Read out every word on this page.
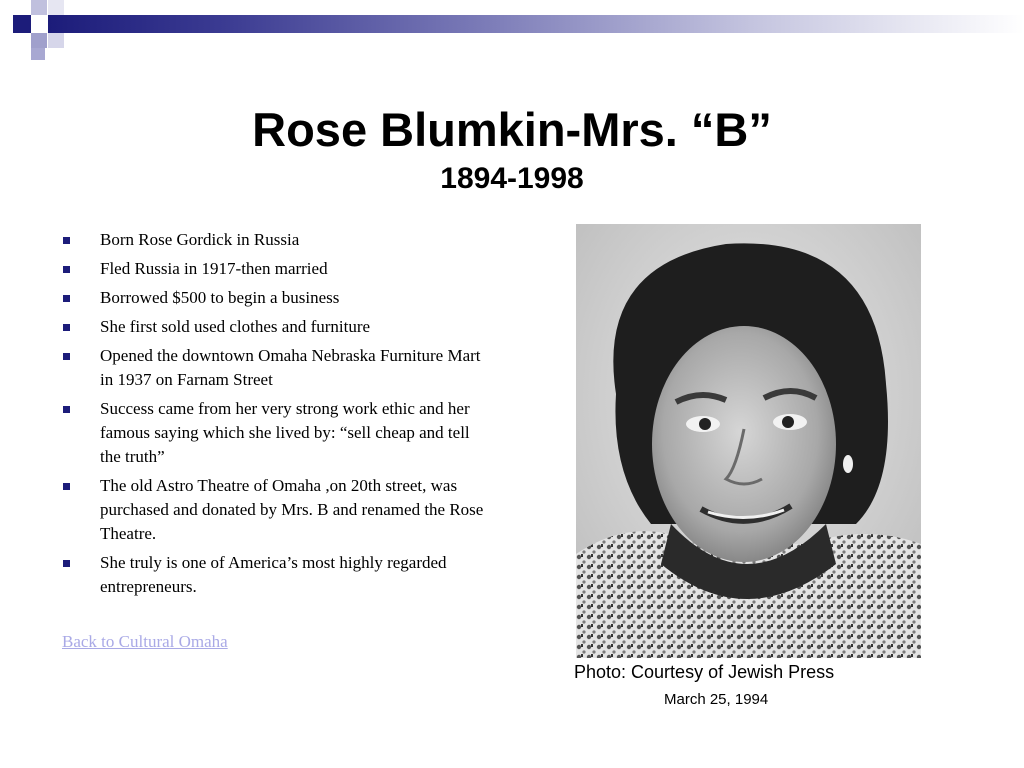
Rose Blumkin-Mrs. “B”
1894-1998
Born Rose Gordick in Russia
Fled Russia in 1917-then married
Borrowed $500 to begin a business
She first sold used clothes and furniture
Opened the downtown Omaha Nebraska Furniture Mart in 1937 on Farnam Street
Success came from her very strong work ethic and her famous saying which she lived by: “sell cheap and tell the truth”
The old Astro Theatre of Omaha ,on 20th street, was purchased and donated by Mrs. B and renamed the Rose Theatre.
She truly is one of America’s most highly regarded entrepreneurs.
Back to Cultural Omaha
Photo: Courtesy of Jewish Press
March 25, 1994
